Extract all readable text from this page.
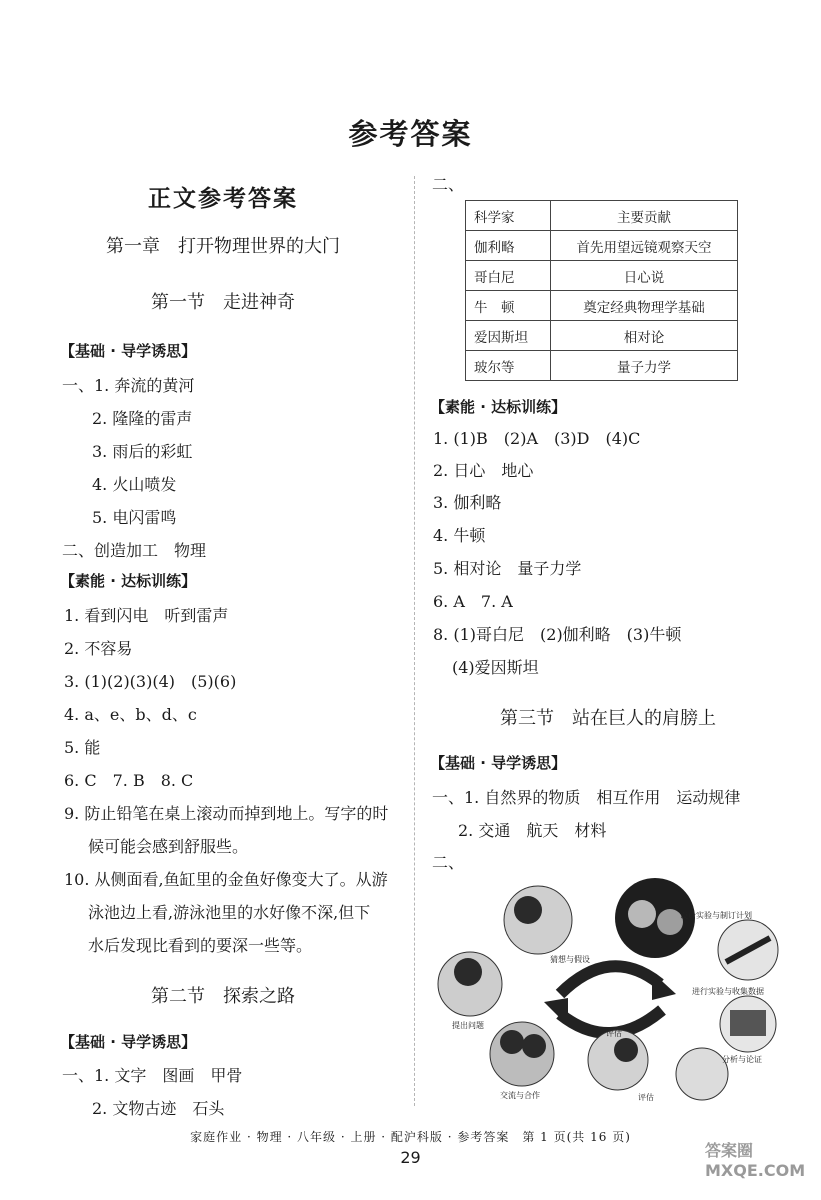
参考答案
正文参考答案
第一章　打开物理世界的大门
第一节　走进神奇
【基础 · 导学诱思】
一、1. 奔流的黄河
2. 隆隆的雷声
3. 雨后的彩虹
4. 火山喷发
5. 电闪雷鸣
二、创造加工　物理
【素能 · 达标训练】
1. 看到闪电　听到雷声
2. 不容易
3. (1)(2)(3)(4)　(5)(6)
4. a、e、b、d、c
5. 能
6. C　7. B　8. C
9. 防止铅笔在桌上滚动而掉到地上。写字的时
候可能会感到舒服些。
10. 从侧面看,鱼缸里的金鱼好像变大了。从游
泳池边上看,游泳池里的水好像不深,但下
水后发现比看到的要深一些等。
第二节　探索之路
【基础 · 导学诱思】
一、1. 文字　图画　甲骨
2. 文物古迹　石头
二、
科学家	主要贡献
伽利略	首先用望远镜观察天空
哥白尼	日心说
牛　顿	奠定经典物理学基础
爱因斯坦	相对论
玻尔等	量子力学
【素能 · 达标训练】
1. (1)B　(2)A　(3)D　(4)C
2. 日心　地心
3. 伽利略
4. 牛顿
5. 相对论　量子力学
6. A　7. A
8. (1)哥白尼　(2)伽利略　(3)牛顿
(4)爱因斯坦
第三节　站在巨人的肩膀上
【基础 · 导学诱思】
一、1. 自然界的物质　相互作用　运动规律
2. 交通　航天　材料
二、
猜想与假设
设计实验与制订计划
提出问题
进行实验与收集数据
分析与论证
评估
交流与合作	评估
家庭作业 · 物理 · 八年级 · 上册 · 配沪科版 · 参考答案　第 1 页(共 16 页)
29	答案圈 MXQE.COM
